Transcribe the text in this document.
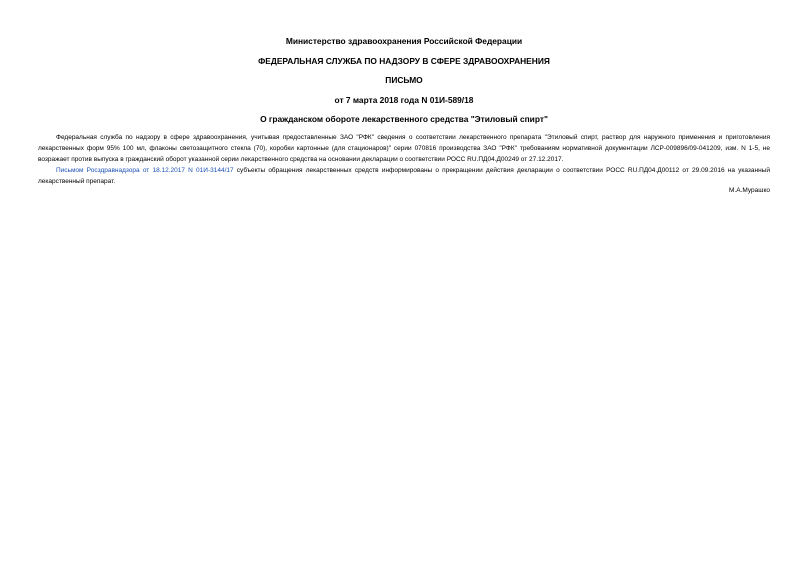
Министерство здравоохранения Российской Федерации
ФЕДЕРАЛЬНАЯ СЛУЖБА ПО НАДЗОРУ В СФЕРЕ ЗДРАВООХРАНЕНИЯ
ПИСЬМО
от 7 марта 2018 года N 01И-589/18
О гражданском обороте лекарственного средства "Этиловый спирт"
Федеральная служба по надзору в сфере здравоохранения, учитывая предоставленные ЗАО "РФК" сведения о соответствии лекарственного препарата "Этиловый спирт, раствор для наружного применения и приготовления лекарственных форм 95% 100 мл, флаконы светозащитного стекла (70), коробки картонные (для стационаров)" серии 070816 производства ЗАО "РФК" требованиям нормативной документации ЛСР-009896/09-041209, изм. N 1-5, не возражает против выпуска в гражданский оборот указанной серии лекарственного средства на основании декларации о соответствии РОСС RU.ПД04.Д00249 от 27.12.2017.
Письмом Росздравнадзора от 18.12.2017 N 01И-3144/17 субъекты обращения лекарственных средств информированы о прекращении действия декларации о соответствии РОСС RU.ПД04.Д00112 от 29.09.2016 на указанный лекарственный препарат.
М.А.Мурашко
